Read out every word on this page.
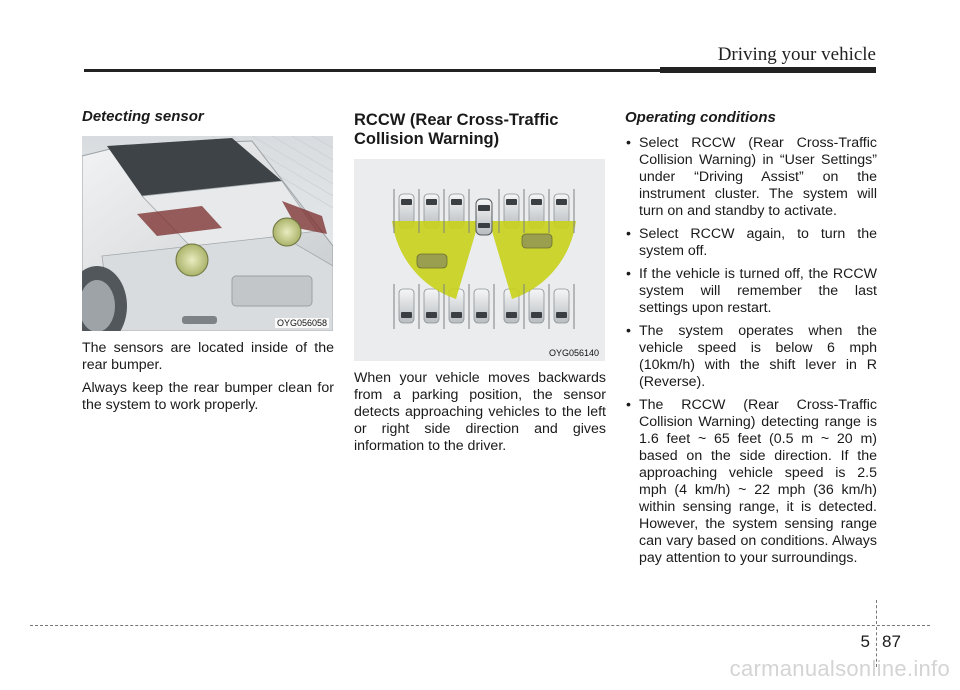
Driving your vehicle
Detecting sensor
OYG056058

The sensors are located inside of the rear bumper.

Always keep the rear bumper clean for the system to work properly.

RCCW (Rear Cross-Traffic Collision Warning)
OYG056140

When your vehicle moves backwards from a parking position, the sensor detects approaching vehicles to the left or right side direction and gives information to the driver.

Operating conditions
• Select RCCW (Rear Cross-Traffic Collision Warning) in “User Settings” under “Driving Assist” on the instrument cluster. The system will turn on and standby to activate.
• Select RCCW again, to turn the system off.
• If the vehicle is turned off, the RCCW system will remember the last settings upon restart.
• The system operates when the vehicle speed is below 6 mph (10km/h) with the shift lever in R (Reverse).
• The RCCW (Rear Cross-Traffic Collision Warning) detecting range is 1.6 feet ~ 65 feet (0.5 m ~ 20 m) based on the side direction. If the approaching vehicle speed is 2.5 mph (4 km/h) ~ 22 mph (36 km/h) within sensing range, it is detected. However, the system sensing range can vary based on conditions. Always pay attention to your surroundings.
5 87
carmanualsonline.info
